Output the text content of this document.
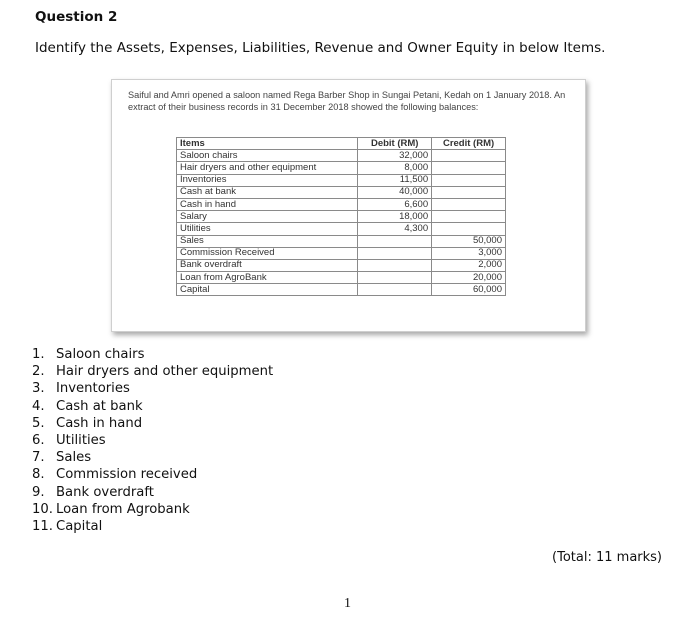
Question 2
Identify the Assets, Expenses, Liabilities, Revenue and Owner Equity in below Items.
Saiful and Amri opened a saloon named Rega Barber Shop in Sungai Petani, Kedah on 1 January 2018. An extract of their business records in 31 December 2018 showed the following balances:
Items	Debit (RM)	Credit (RM)
Saloon chairs	32,000	
Hair dryers and other equipment	8,000	
Inventories	11,500	
Cash at bank	40,000	
Cash in hand	6,600	
Salary	18,000	
Utilities	4,300	
Sales		50,000
Commission Received		3,000
Bank overdraft		2,000
Loan from AgroBank		20,000
Capital		60,000
1. Saloon chairs
2. Hair dryers and other equipment
3. Inventories
4. Cash at bank
5. Cash in hand
6. Utilities
7. Sales
8. Commission received
9. Bank overdraft
10. Loan from Agrobank
11. Capital
(Total: 11 marks)
1
